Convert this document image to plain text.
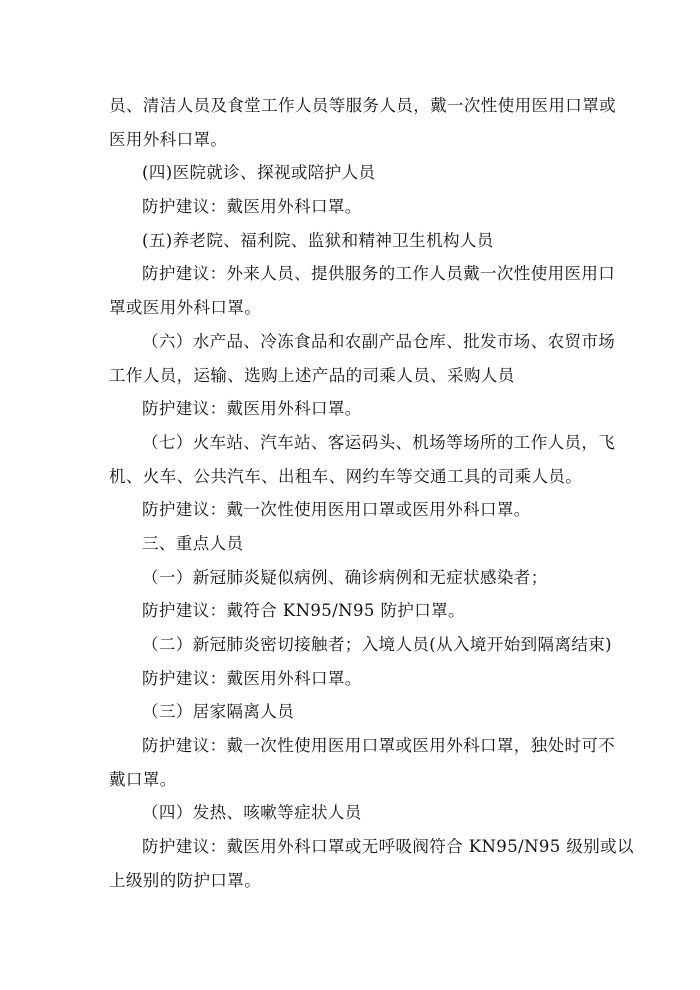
员、清洁人员及食堂工作人员等服务人员，戴一次性使用医用口罩或
医用外科口罩。
(四)医院就诊、探视或陪护人员
防护建议：戴医用外科口罩。
(五)养老院、福利院、监狱和精神卫生机构人员
防护建议：外来人员、提供服务的工作人员戴一次性使用医用口
罩或医用外科口罩。
（六）水产品、冷冻食品和农副产品仓库、批发市场、农贸市场
工作人员，运输、选购上述产品的司乘人员、采购人员
防护建议：戴医用外科口罩。
（七）火车站、汽车站、客运码头、机场等场所的工作人员，飞
机、火车、公共汽车、出租车、网约车等交通工具的司乘人员。
防护建议：戴一次性使用医用口罩或医用外科口罩。
三、重点人员
（一）新冠肺炎疑似病例、确诊病例和无症状感染者；
防护建议：戴符合 KN95/N95 防护口罩。
（二）新冠肺炎密切接触者；入境人员(从入境开始到隔离结束)
防护建议：戴医用外科口罩。
（三）居家隔离人员
防护建议：戴一次性使用医用口罩或医用外科口罩，独处时可不
戴口罩。
（四）发热、咳嗽等症状人员
防护建议：戴医用外科口罩或无呼吸阀符合 KN95/N95 级别或以
上级别的防护口罩。
